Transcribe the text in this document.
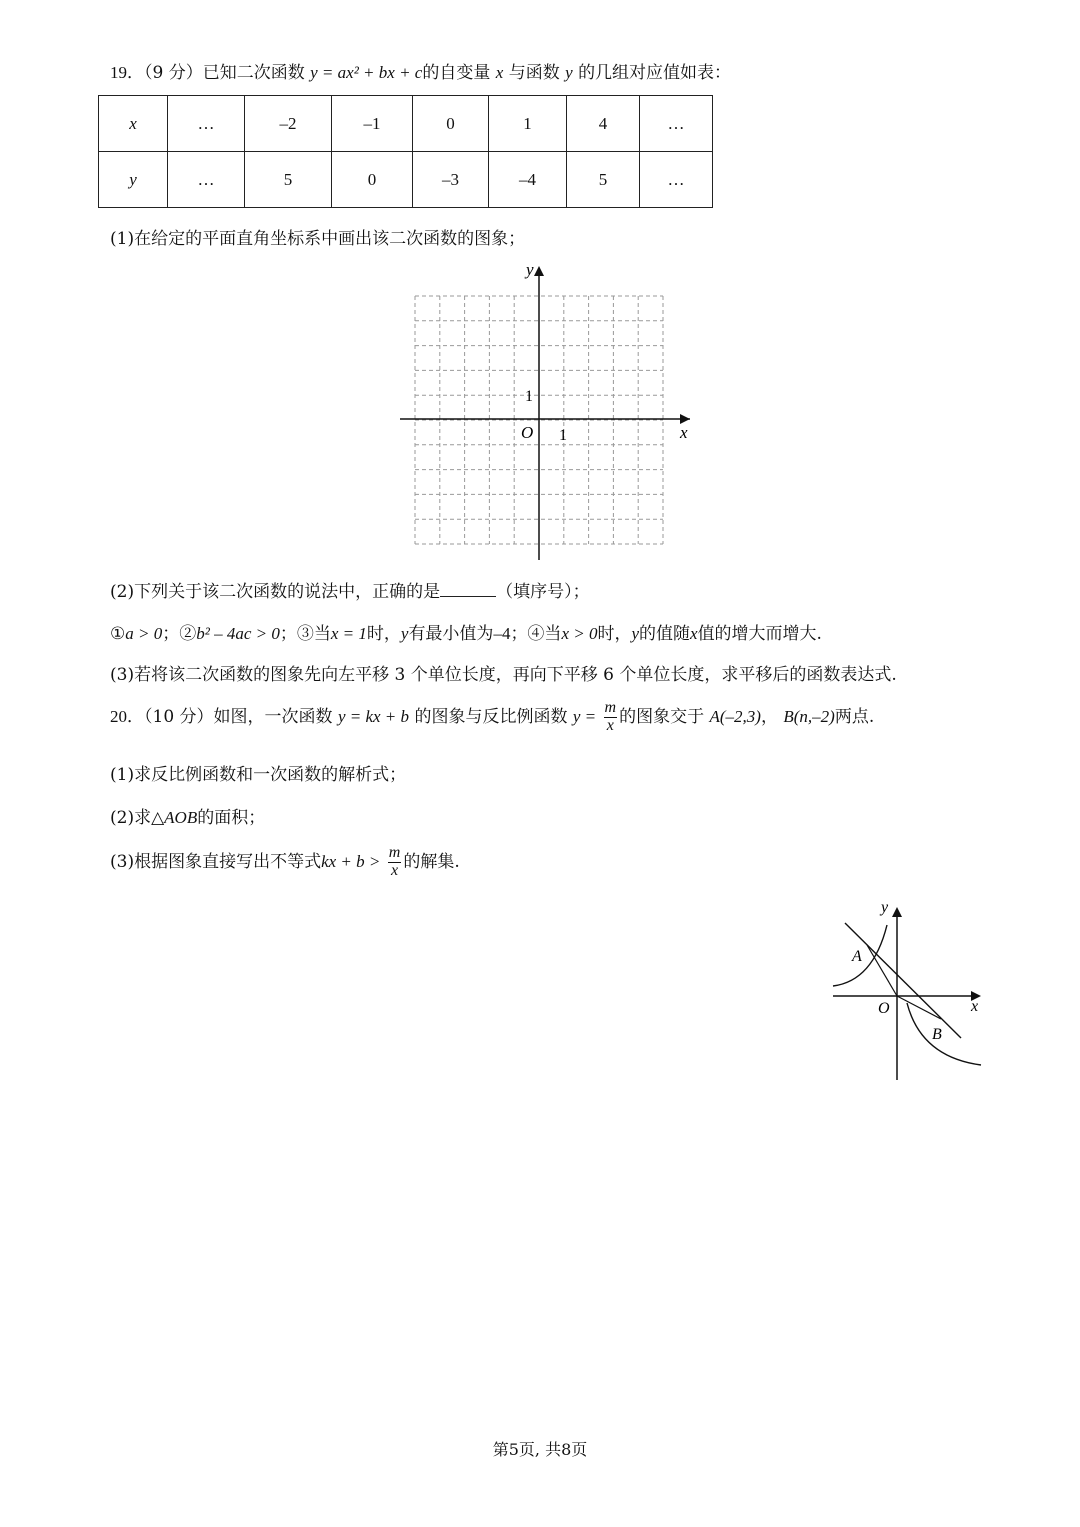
19．（9 分）已知二次函数 y = ax² + bx + c的自变量 x 与函数 y 的几组对应值如表：
x	…	–2	–1	0	1	4	…
y	…	5	0	–3	–4	5	…
(1)在给定的平面直角坐标系中画出该二次函数的图象；
y
x
O 1
1
(2)下列关于该二次函数的说法中，正确的是	（填序号）；
①a > 0；②b² – 4ac > 0；③当x = 1时，y有最小值为–4；④当x > 0时，y的值随x值的增大而增大.
(3)若将该二次函数的图象先向左平移 3 个单位长度，再向下平移 6 个单位长度，求平移后的函数表达式.
20．（10 分）如图，一次函数 y = kx + b 的图象与反比例函数 $y = \frac{m}{x}$ 的图象交于 A(–2,3)， B(n,–2)两点.
(1)求反比例函数和一次函数的解析式；
(2)求△AOB的面积；
(3)根据图象直接写出不等式kx + $b > \frac{m}{x}$ 的解集.
y
x
O
A
B
第5页, 共8页
